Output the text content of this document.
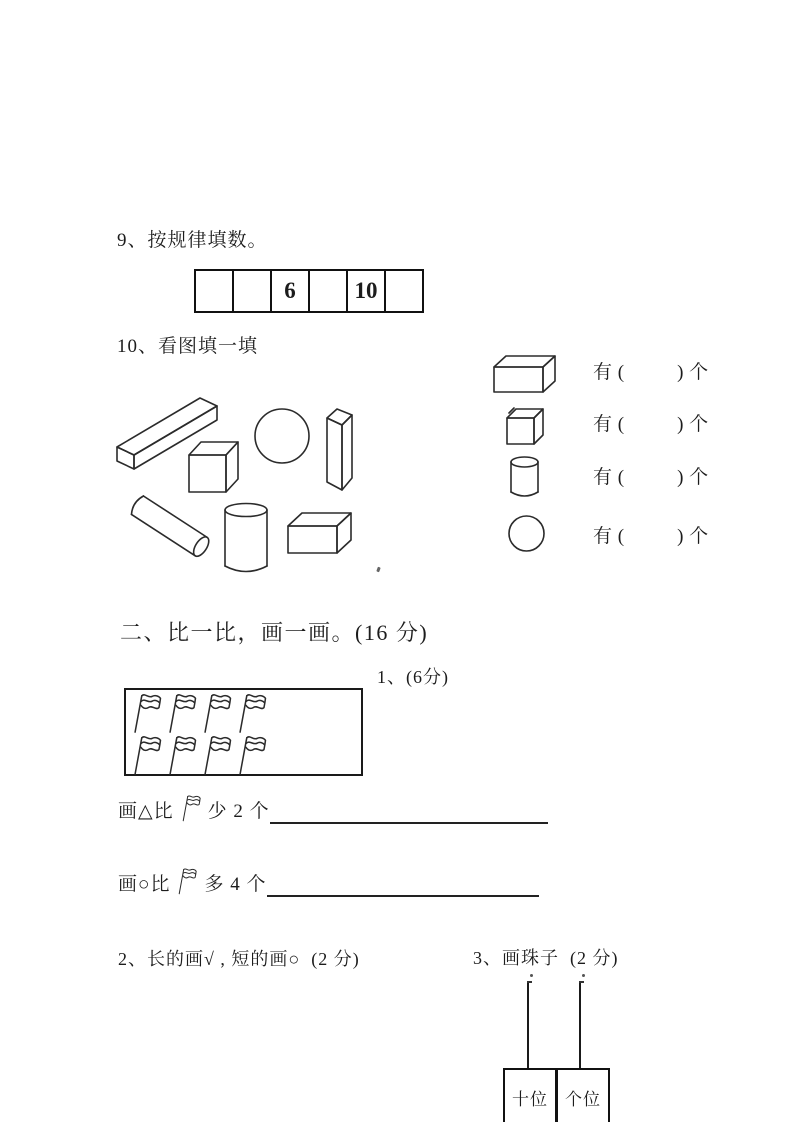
9、按规律填数。
6	10
10、看图填一填
有 (          ) 个
有 (          ) 个
有 (          ) 个
有 (          ) 个
二、比一比，画一画。(16 分)
1、(6分)
画△比 少 2 个
画○比 多 4 个
2、长的画√ , 短的画○  (2 分)	3、画珠子  (2 分)
十位 个位
